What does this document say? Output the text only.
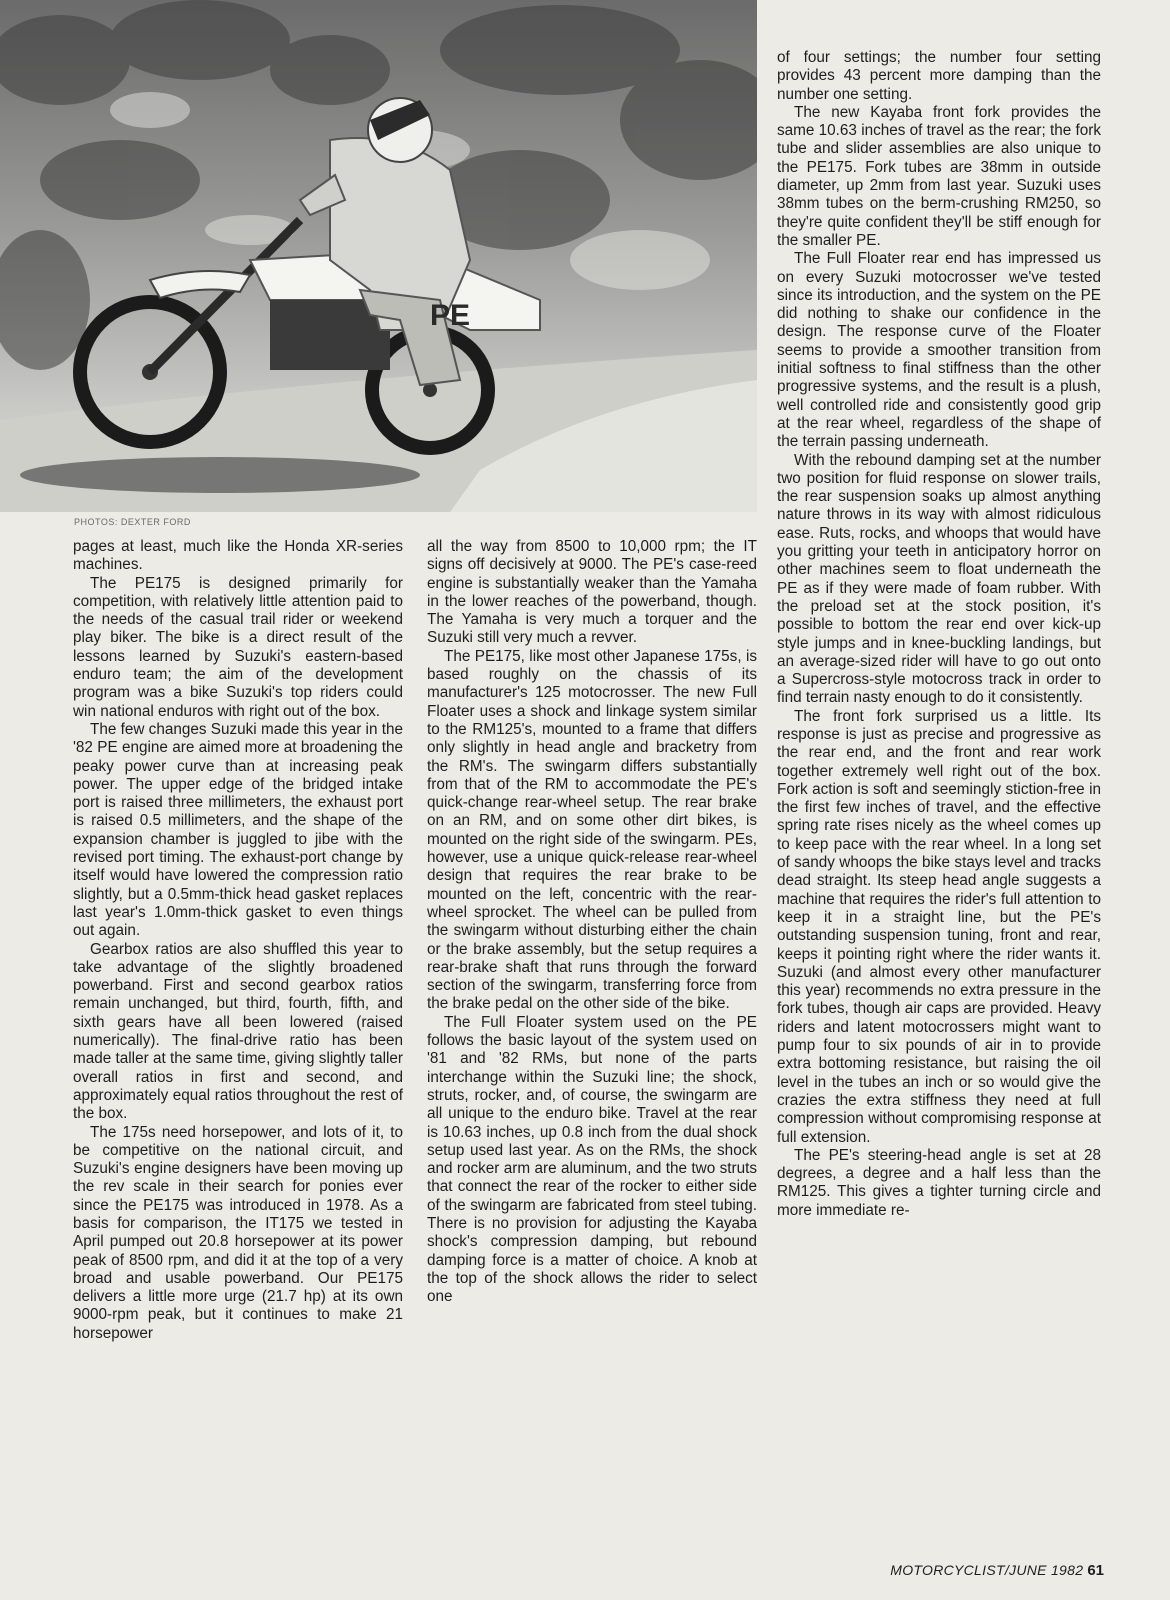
PE
PHOTOS: DEXTER FORD

pages at least, much like the Honda XR-series machines.

The PE175 is designed primarily for competition, with relatively little attention paid to the needs of the casual trail rider or weekend play biker. The bike is a direct result of the lessons learned by Suzuki's eastern-based enduro team; the aim of the development program was a bike Suzuki's top riders could win national enduros with right out of the box.

The few changes Suzuki made this year in the '82 PE engine are aimed more at broadening the peaky power curve than at increasing peak power. The upper edge of the bridged intake port is raised three millimeters, the exhaust port is raised 0.5 millimeters, and the shape of the expansion chamber is juggled to jibe with the revised port timing. The exhaust-port change by itself would have lowered the compression ratio slightly, but a 0.5mm-thick head gasket replaces last year's 1.0mm-thick gasket to even things out again.

Gearbox ratios are also shuffled this year to take advantage of the slightly broadened powerband. First and second gearbox ratios remain unchanged, but third, fourth, fifth, and sixth gears have all been lowered (raised numerically). The final-drive ratio has been made taller at the same time, giving slightly taller overall ratios in first and second, and approximately equal ratios throughout the rest of the box.

The 175s need horsepower, and lots of it, to be competitive on the national circuit, and Suzuki's engine designers have been moving up the rev scale in their search for ponies ever since the PE175 was introduced in 1978. As a basis for comparison, the IT175 we tested in April pumped out 20.8 horsepower at its power peak of 8500 rpm, and did it at the top of a very broad and usable powerband. Our PE175 delivers a little more urge (21.7 hp) at its own 9000-rpm peak, but it continues to make 21 horsepower

all the way from 8500 to 10,000 rpm; the IT signs off decisively at 9000. The PE's case-reed engine is substantially weaker than the Yamaha in the lower reaches of the powerband, though. The Yamaha is very much a torquer and the Suzuki still very much a revver.

The PE175, like most other Japanese 175s, is based roughly on the chassis of its manufacturer's 125 motocrosser. The new Full Floater uses a shock and linkage system similar to the RM125's, mounted to a frame that differs only slightly in head angle and bracketry from the RM's. The swingarm differs substantially from that of the RM to accommodate the PE's quick-change rear-wheel setup. The rear brake on an RM, and on some other dirt bikes, is mounted on the right side of the swingarm. PEs, however, use a unique quick-release rear-wheel design that requires the rear brake to be mounted on the left, concentric with the rear-wheel sprocket. The wheel can be pulled from the swingarm without disturbing either the chain or the brake assembly, but the setup requires a rear-brake shaft that runs through the forward section of the swingarm, transferring force from the brake pedal on the other side of the bike.

The Full Floater system used on the PE follows the basic layout of the system used on '81 and '82 RMs, but none of the parts interchange within the Suzuki line; the shock, struts, rocker, and, of course, the swingarm are all unique to the enduro bike. Travel at the rear is 10.63 inches, up 0.8 inch from the dual shock setup used last year. As on the RMs, the shock and rocker arm are aluminum, and the two struts that connect the rear of the rocker to either side of the swingarm are fabricated from steel tubing. There is no provision for adjusting the Kayaba shock's compression damping, but rebound damping force is a matter of choice. A knob at the top of the shock allows the rider to select one

of four settings; the number four setting provides 43 percent more damping than the number one setting.

The new Kayaba front fork provides the same 10.63 inches of travel as the rear; the fork tube and slider assemblies are also unique to the PE175. Fork tubes are 38mm in outside diameter, up 2mm from last year. Suzuki uses 38mm tubes on the berm-crushing RM250, so they're quite confident they'll be stiff enough for the smaller PE.

The Full Floater rear end has impressed us on every Suzuki motocrosser we've tested since its introduction, and the system on the PE did nothing to shake our confidence in the design. The response curve of the Floater seems to provide a smoother transition from initial softness to final stiffness than the other progressive systems, and the result is a plush, well controlled ride and consistently good grip at the rear wheel, regardless of the shape of the terrain passing underneath.

With the rebound damping set at the number two position for fluid response on slower trails, the rear suspension soaks up almost anything nature throws in its way with almost ridiculous ease. Ruts, rocks, and whoops that would have you gritting your teeth in anticipatory horror on other machines seem to float underneath the PE as if they were made of foam rubber. With the preload set at the stock position, it's possible to bottom the rear end over kick-up style jumps and in knee-buckling landings, but an average-sized rider will have to go out onto a Supercross-style motocross track in order to find terrain nasty enough to do it consistently.

The front fork surprised us a little. Its response is just as precise and progressive as the rear end, and the front and rear work together extremely well right out of the box. Fork action is soft and seemingly stiction-free in the first few inches of travel, and the effective spring rate rises nicely as the wheel comes up to keep pace with the rear wheel. In a long set of sandy whoops the bike stays level and tracks dead straight. Its steep head angle suggests a machine that requires the rider's full attention to keep it in a straight line, but the PE's outstanding suspension tuning, front and rear, keeps it pointing right where the rider wants it. Suzuki (and almost every other manufacturer this year) recommends no extra pressure in the fork tubes, though air caps are provided. Heavy riders and latent motocrossers might want to pump four to six pounds of air in to provide extra bottoming resistance, but raising the oil level in the tubes an inch or so would give the crazies the extra stiffness they need at full compression without compromising response at full extension.

The PE's steering-head angle is set at 28 degrees, a degree and a half less than the RM125. This gives a tighter turning circle and more immediate re-

MOTORCYCLIST/JUNE 1982 61
